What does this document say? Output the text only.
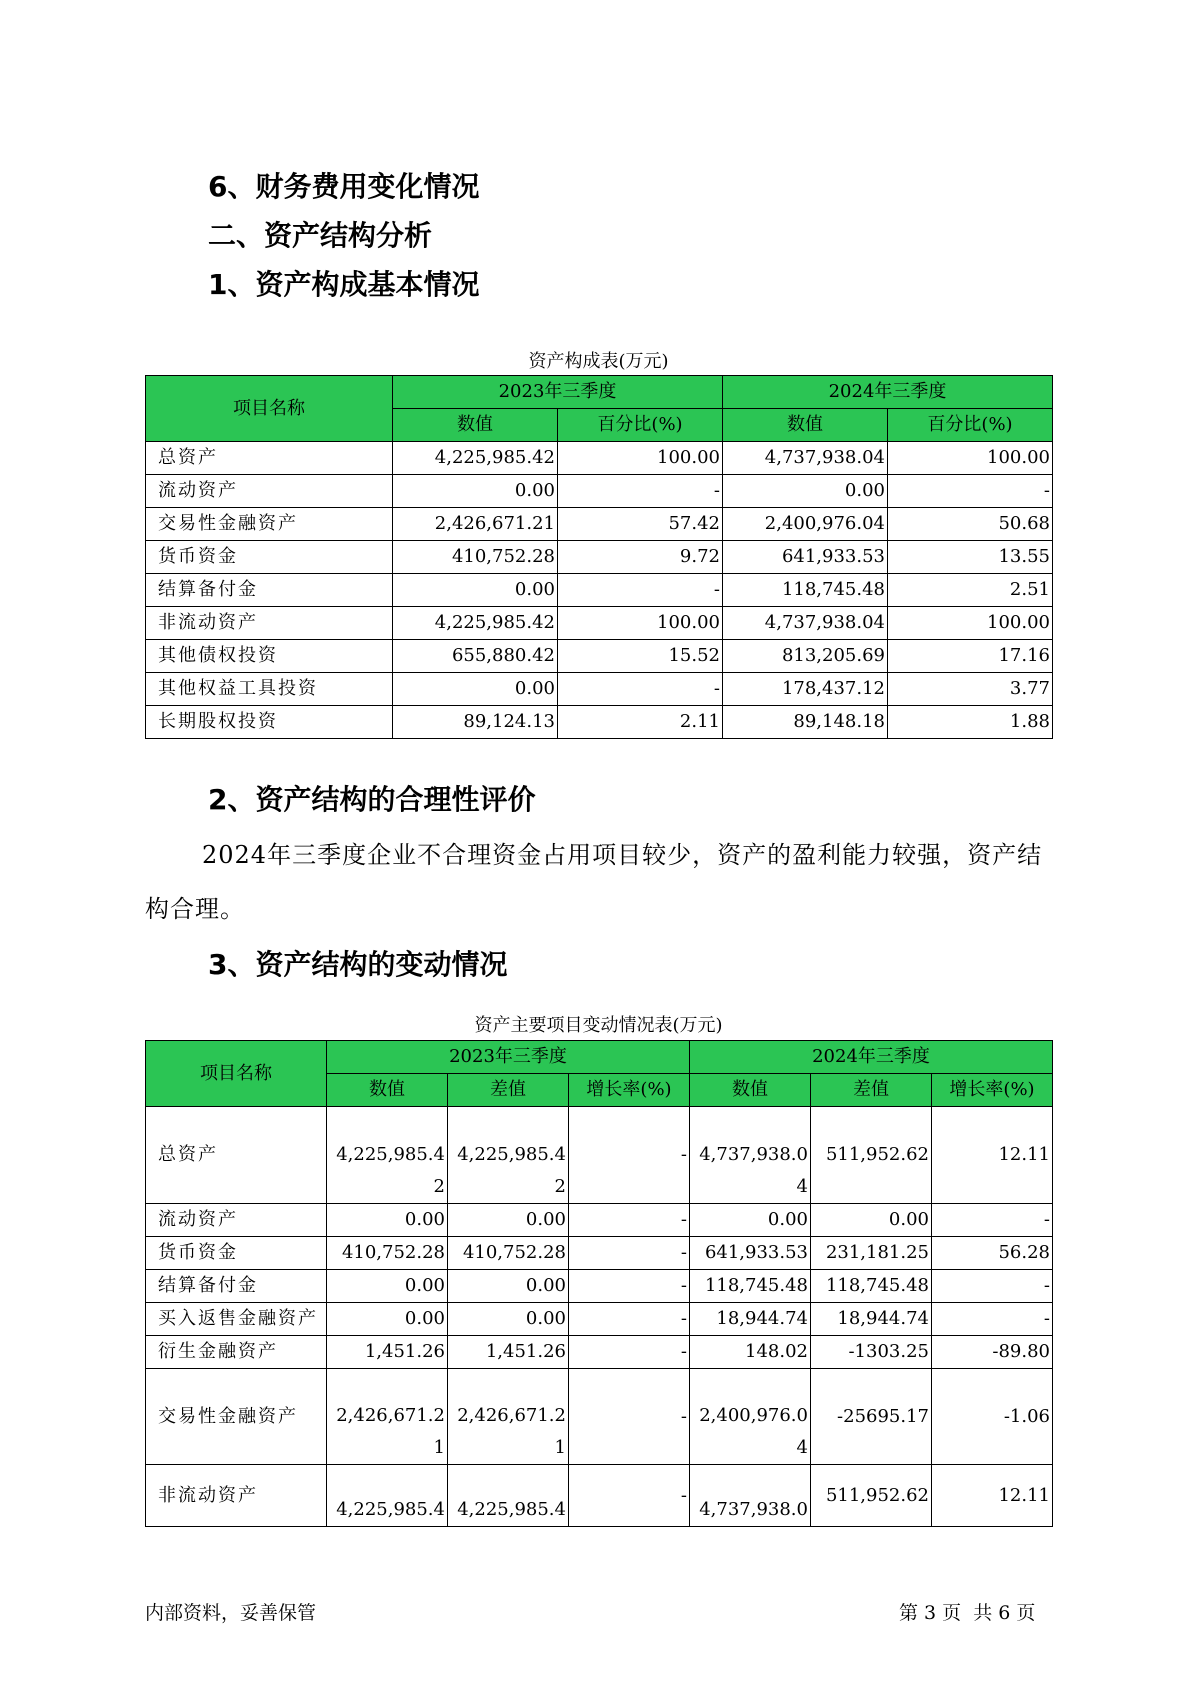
6、财务费用变化情况
二、资产结构分析
1、资产构成基本情况
资产构成表(万元)
项目名称	2023年三季度		2024年三季度	
	数值	百分比(%)	数值	百分比(%)
总资产	4,225,985.42	100.00	4,737,938.04	100.00
流动资产	0.00	-	0.00	-
交易性金融资产	2,426,671.21	57.42	2,400,976.04	50.68
货币资金	410,752.28	9.72	641,933.53	13.55
结算备付金	0.00	-	118,745.48	2.51
非流动资产	4,225,985.42	100.00	4,737,938.04	100.00
其他债权投资	655,880.42	15.52	813,205.69	17.16
其他权益工具投资	0.00	-	178,437.12	3.77
长期股权投资	89,124.13	2.11	89,148.18	1.88
2、资产结构的合理性评价
2024年三季度企业不合理资金占用项目较少，资产的盈利能力较强，资产结构合理。
3、资产结构的变动情况
资产主要项目变动情况表(万元)
项目名称	2023年三季度			2024年三季度		
	数值	差值	增长率(%)	数值	差值	增长率(%)
总资产	4,225,985.42	4,225,985.42	-	4,737,938.04	511,952.62	12.11
流动资产	0.00	0.00	-	0.00	0.00	-
货币资金	410,752.28	410,752.28	-	641,933.53	231,181.25	56.28
结算备付金	0.00	0.00	-	118,745.48	118,745.48	-
买入返售金融资产	0.00	0.00	-	18,944.74	18,944.74	-
衍生金融资产	1,451.26	1,451.26	-	148.02	-1303.25	-89.80
交易性金融资产	2,426,671.21	2,426,671.21	-	2,400,976.04	-25695.17	-1.06
非流动资产	4,225,985.4	4,225,985.4	-	4,737,938.0	511,952.62	12.11
内部资料，妥善保管	第 3 页  共 6 页
